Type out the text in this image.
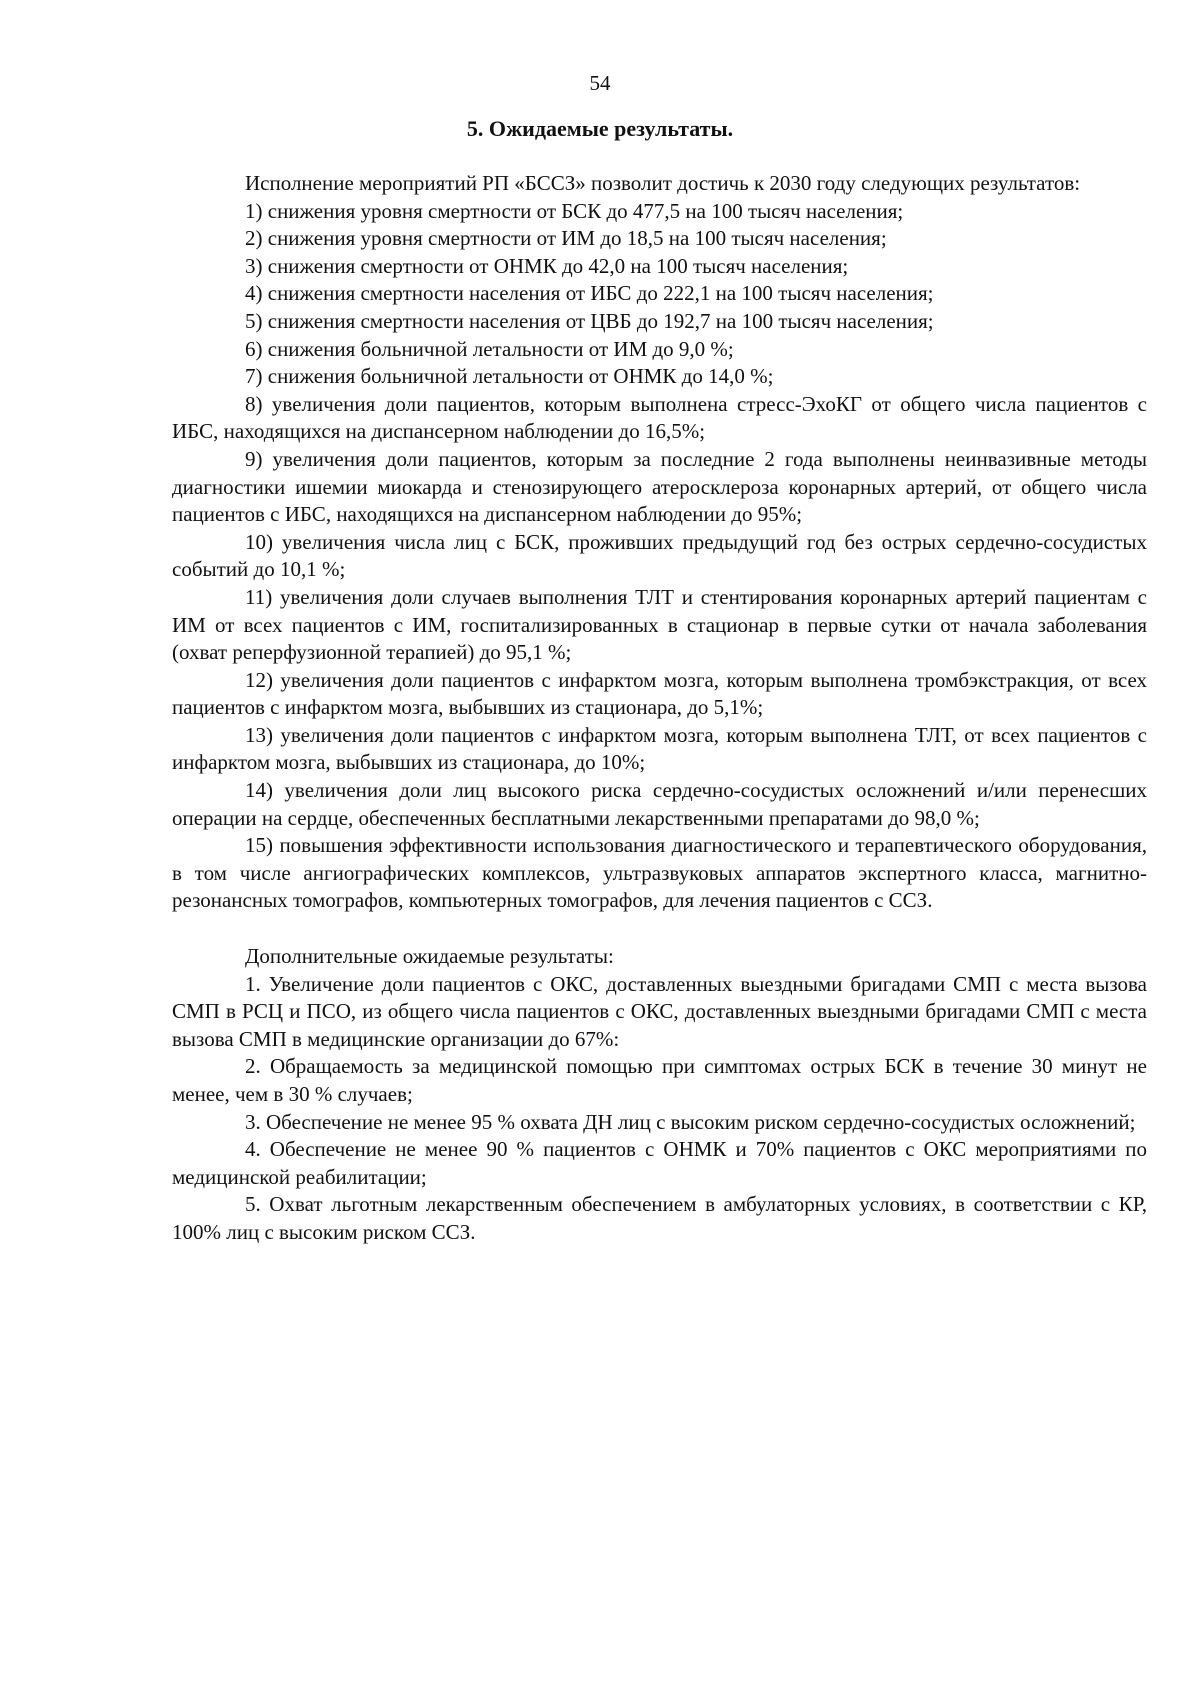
54
5. Ожидаемые результаты.

Исполнение мероприятий РП «БССЗ» позволит достичь к 2030 году следующих результатов:

1) снижения уровня смертности от БСК до 477,5 на 100 тысяч населения;

2) снижения уровня смертности от ИМ до 18,5 на 100 тысяч населения;

3) снижения смертности от ОНМК до 42,0 на 100 тысяч населения;

4) снижения смертности населения от ИБС до 222,1 на 100 тысяч населения;

5) снижения смертности населения от ЦВБ до 192,7 на 100 тысяч населения;

6) снижения больничной летальности от ИМ до 9,0 %;

7) снижения больничной летальности от ОНМК до 14,0 %;

8) увеличения доли пациентов, которым выполнена стресс-ЭхоКГ от общего числа пациентов с ИБС, находящихся на диспансерном наблюдении до 16,5%;

9) увеличения доли пациентов, которым за последние 2 года выполнены неинвазивные методы диагностики ишемии миокарда и стенозирующего атеросклероза коронарных артерий, от общего числа пациентов с ИБС, находящихся на диспансерном наблюдении до 95%;

10) увеличения числа лиц с БСК, проживших предыдущий год без острых сердечно-сосудистых событий до 10,1 %;

11) увеличения доли случаев выполнения ТЛТ и стентирования коронарных артерий пациентам с ИМ от всех пациентов с ИМ, госпитализированных в стационар в первые сутки от начала заболевания (охват реперфузионной терапией) до 95,1 %;

12) увеличения доли пациентов с инфарктом мозга, которым выполнена тромбэкстракция, от всех пациентов с инфарктом мозга, выбывших из стационара, до 5,1%;

13) увеличения доли пациентов с инфарктом мозга, которым выполнена ТЛТ, от всех пациентов с инфарктом мозга, выбывших из стационара, до 10%;

14) увеличения доли лиц высокого риска сердечно-сосудистых осложнений и/или перенесших операции на сердце, обеспеченных бесплатными лекарственными препаратами до 98,0 %;

15) повышения эффективности использования диагностического и терапевтического оборудования, в том числе ангиографических комплексов, ультразвуковых аппаратов экспертного класса, магнитно-резонансных томографов, компьютерных томографов, для лечения пациентов с ССЗ.

Дополнительные ожидаемые результаты:

1. Увеличение доли пациентов с ОКС, доставленных выездными бригадами СМП с места вызова СМП в РСЦ и ПСО, из общего числа пациентов с ОКС, доставленных выездными бригадами СМП с места вызова СМП в медицинские организации до 67%:

2. Обращаемость за медицинской помощью при симптомах острых БСК в течение 30 минут не менее, чем в 30 % случаев;

3. Обеспечение не менее 95 % охвата ДН лиц с высоким риском сердечно-сосудистых осложнений;

4. Обеспечение не менее 90 % пациентов с ОНМК и 70% пациентов с ОКС мероприятиями по медицинской реабилитации;

5. Охват льготным лекарственным обеспечением в амбулаторных условиях, в соответствии с КР, 100% лиц с высоким риском ССЗ.
